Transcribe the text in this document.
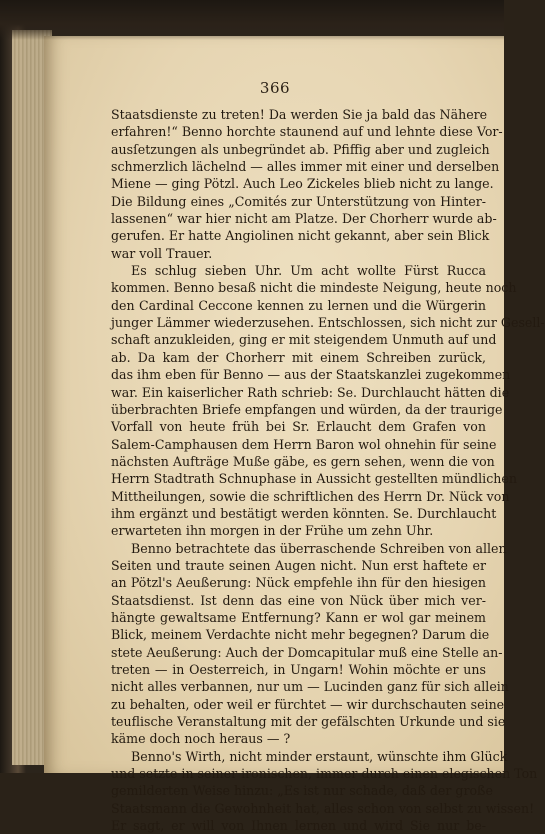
366
Staatsdienste zu treten! Da werden Sie ja bald das Nähere
erfahren!“ Benno horchte staunend auf und lehnte diese Vor-
ausſetzungen als unbegründet ab. Pfiffig aber und zugleich
schmerzlich lächelnd — alles immer mit einer und derselben
Miene — ging Pötzl. Auch Leo Zickeles blieb nicht zu lange.
Die Bildung eines „Comités zur Unterstützung von Hinter-
lassenen“ war hier nicht am Platze. Der Chorherr wurde ab-
gerufen. Er hatte Angiolinen nicht gekannt, aber sein Blick
war voll Trauer.
Es schlug sieben Uhr. Um acht wollte Fürst Rucca
kommen. Benno besaß nicht die mindeste Neigung, heute noch
den Cardinal Ceccone kennen zu lernen und die Würgerin
junger Lämmer wiederzusehen. Entschlossen, sich nicht zur Gesell-
schaft anzukleiden, ging er mit steigendem Unmuth auf und
ab. Da kam der Chorherr mit einem Schreiben zurück,
das ihm eben für Benno — aus der Staatskanzlei zugekommen
war. Ein kaiserlicher Rath schrieb: Se. Durchlaucht hätten die
überbrachten Briefe empfangen und würden, da der traurige
Vorfall von heute früh bei Sr. Erlaucht dem Grafen von
Salem-Camphausen dem Herrn Baron wol ohnehin für seine
nächsten Aufträge Muße gäbe, es gern sehen, wenn die von
Herrn Stadtrath Schnuphase in Aussicht gestellten mündlichen
Mittheilungen, sowie die schriftlichen des Herrn Dr. Nück von
ihm ergänzt und bestätigt werden könnten. Se. Durchlaucht
erwarteten ihn morgen in der Frühe um zehn Uhr.
Benno betrachtete das überraschende Schreiben von allen
Seiten und traute seinen Augen nicht. Nun erst haftete er
an Pötzl's Aeußerung: Nück empfehle ihn für den hiesigen
Staatsdienst. Ist denn das eine von Nück über mich ver-
hängte gewaltsame Entfernung? Kann er wol gar meinem
Blick, meinem Verdachte nicht mehr begegnen? Darum die
stete Aeußerung: Auch der Domcapitular muß eine Stelle an-
treten — in Oesterreich, in Ungarn! Wohin möchte er uns
nicht alles verbannen, nur um — Lucinden ganz für sich allein
zu behalten, oder weil er fürchtet — wir durchschauten seine
teuflische Veranstaltung mit der gefälschten Urkunde und sie
käme doch noch heraus — ?
Benno's Wirth, nicht minder erstaunt, wünschte ihm Glück
und setzte in seiner ironischen, immer durch einen elegischen Ton
gemilderten Weise hinzu: „Es ist nur schade, daß der große
Staatsmann die Gewohnheit hat, alles schon von selbst zu wissen!
Er sagt, er will von Ihnen lernen und wird Sie nur be-
